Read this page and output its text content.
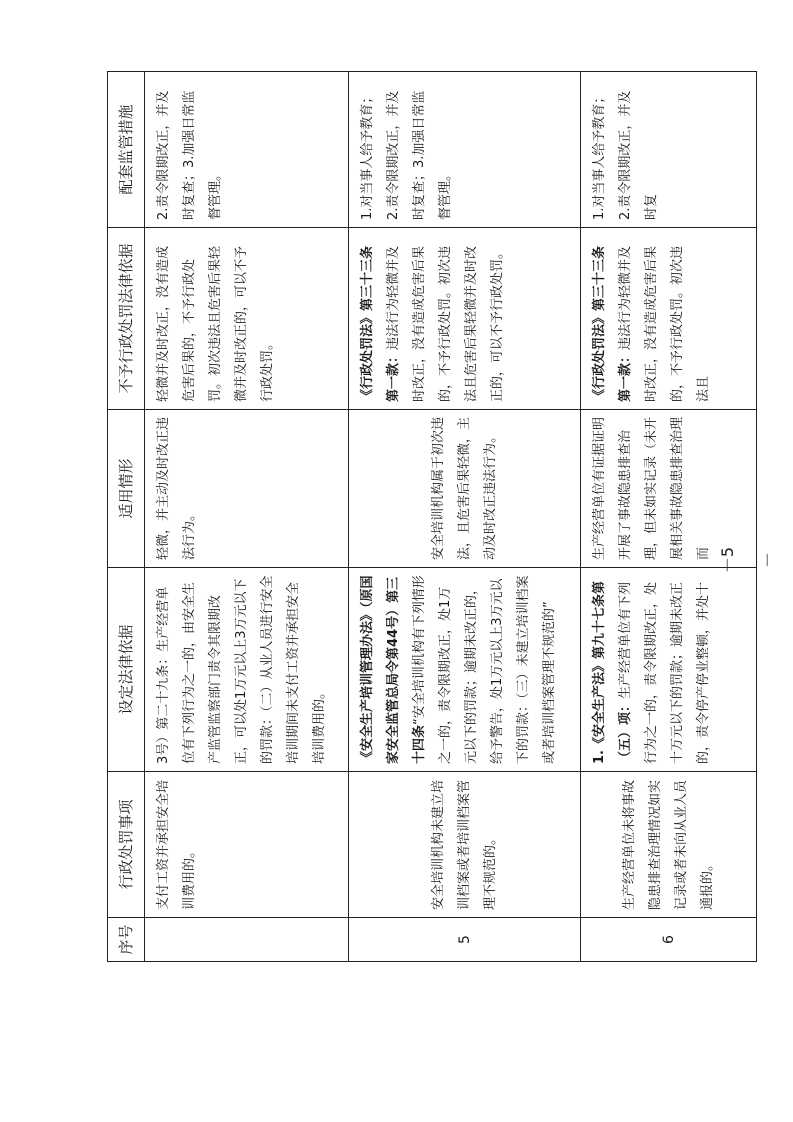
序号	行政处罚事项	设定法律依据	适用情形	不予行政处罚法律依据	配套监管措施
	支付工资并承担安全培训费用的。	3号）第二十九条：生产经营单位有下列行为之一的，由安全生产监管监察部门责令其限期改正，可以处1万元以上3万元以下的罚款：（二）从业人员进行安全培训期间未支付工资并承担安全培训费用的。	轻微，并主动及时改正违法行为。	轻微并及时改正，没有造成危害后果的，不予行政处罚。初次违法且危害后果轻微并及时改正的，可以不予行政处罚。	2.责令限期改正，并及时复查；3.加强日常监督管理。
5	安全培训机构未建立培训档案或者培训档案管理不规范的。	《安全生产培训管理办法》（原国家安全监管总局令第44号）第三十四条“安全培训机构有下列情形之一的，责令限期改正，处1万元以下的罚款；逾期未改正的，给予警告，处1万元以上3万元以下的罚款：（三）未建立培训档案或者培训档案管理不规范的”	安全培训机构属于初次违法，且危害后果轻微，主动及时改正违法行为。	《行政处罚法》第三十三条第一款：违法行为轻微并及时改正，没有造成危害后果的，不予行政处罚。初次违法且危害后果轻微并及时改正的，可以不予行政处罚。	1.对当事人给予教育；2.责令限期改正，并及时复查；3.加强日常监督管理。
6	生产经营单位未将事故隐患排查治理情况如实记录或者未向从业人员通报的。	1.《安全生产法》第九十七条第（五）项：生产经营单位有下列行为之一的，责令限期改正，处十万元以下的罚款；逾期未改正的，责令停产停业整顿，并处十	生产经营单位有证据证明开展了事故隐患排查治理，但未如实记录（未开展相关事故隐患排查治理而	《行政处罚法》第三十三条第一款：违法行为轻微并及时改正，没有造成危害后果的，不予行政处罚。初次违法且	1.对当事人给予教育；2.责令限期改正，并及时复
－5－
